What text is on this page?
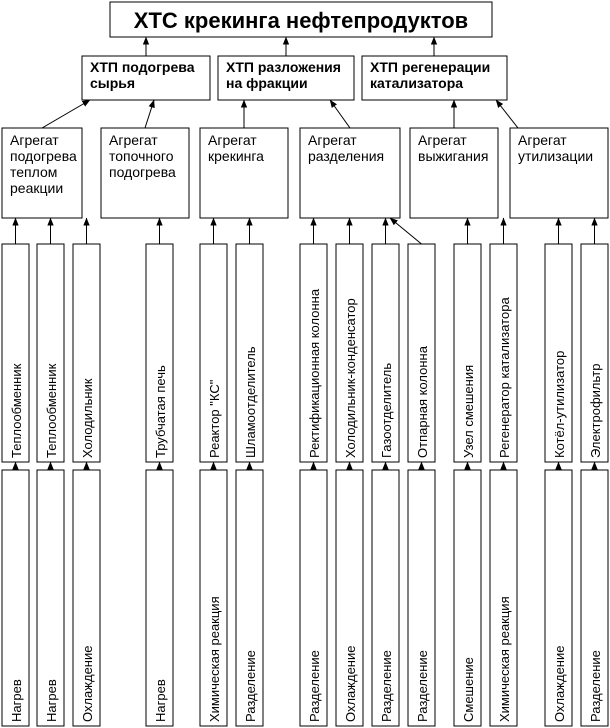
ХТС крекинга нефтепродуктов
ХТП подогрева
сырья
ХТП разложения
на фракции
ХТП регенерации
катализатора
Агрегат
подогрева
теплом
реакции
Агрегат
топочного
подогрева
Агрегат
крекинга
Агрегат
разделения
Агрегат
выжигания
Агрегат
утилизации
Теплообменник
Нагрев
Теплообменник
Нагрев
Холодильник
Охлаждение
Трубчатая печь
Нагрев
Реактор "КС"
Химическая реакция
Шламоотделитель
Разделение
Ректификационная колонна
Разделение
Холодильник-конденсатор
Охлаждение
Газоотделитель
Разделение
Отпарная колонна
Разделение
Узел смешения
Смешение
Регенератор катализатора
Химическая реакция
Котёл-утилизатор
Охлаждение
Электрофильтр
Разделение
